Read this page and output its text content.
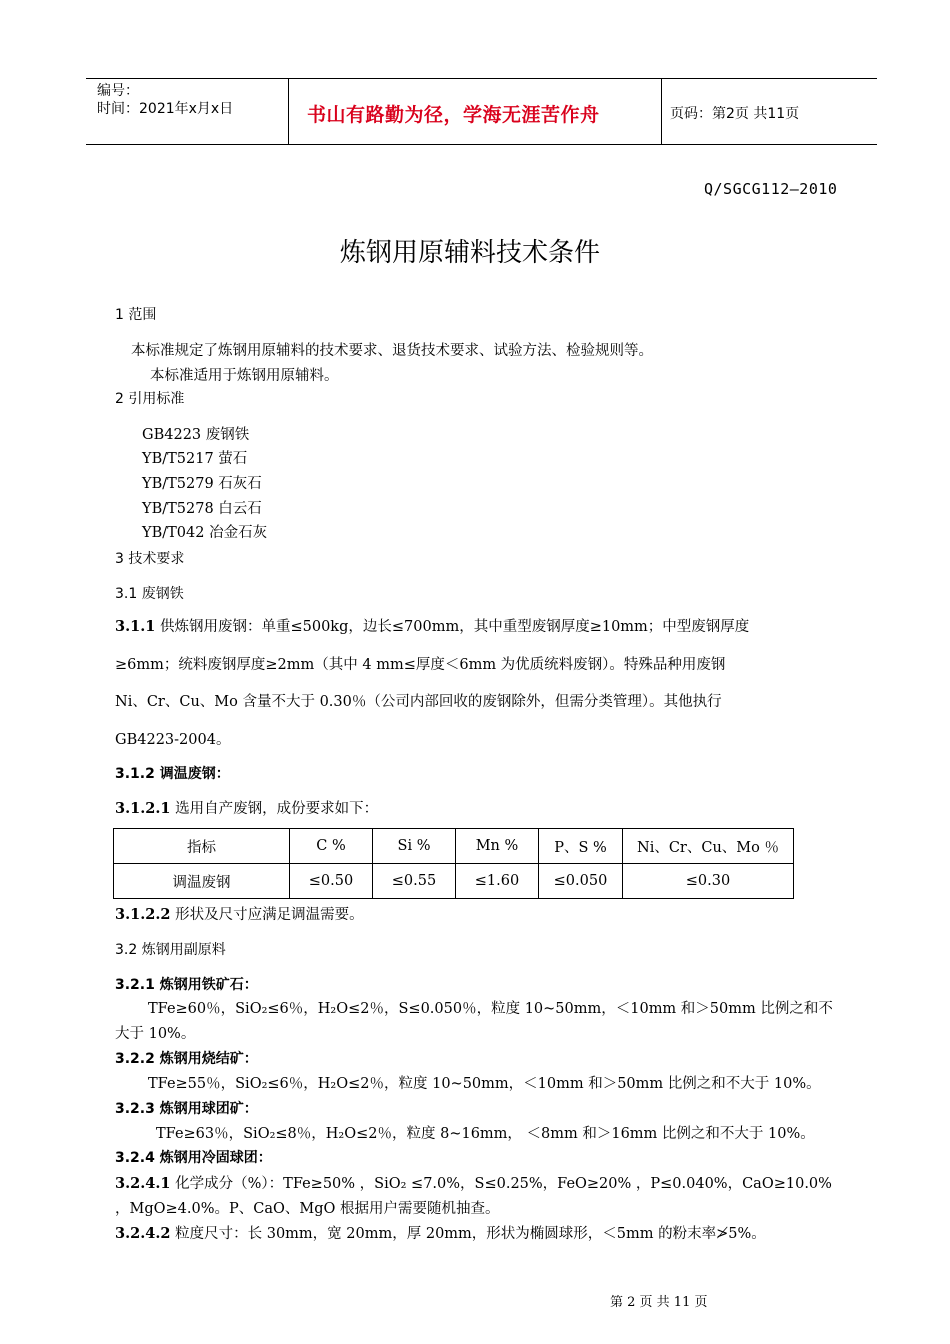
编号：
时间：2021年x月x日	书山有路勤为径，学海无涯苦作舟	页码：第2页 共11页
Q/SGCG112—2010
炼钢用原辅料技术条件
1 范围
本标准规定了炼钢用原辅料的技术要求、退货技术要求、试验方法、检验规则等。
本标准适用于炼钢用原辅料。
2 引用标准
GB4223 废钢铁
YB/T5217 萤石
YB/T5279 石灰石
YB/T5278 白云石
YB/T042 冶金石灰
3 技术要求
3.1 废钢铁
3.1.1 供炼钢用废钢：单重≤500kg，边长≤700mm，其中重型废钢厚度≥10mm；中型废钢厚度
≥6mm；统料废钢厚度≥2mm（其中 4 mm≤厚度＜6mm 为优质统料废钢）。特殊品种用废钢
Ni、Cr、Cu、Mo 含量不大于 0.30％（公司内部回收的废钢除外，但需分类管理）。其他执行
GB4223-2004。
3.1.2 调温废钢：
3.1.2.1 选用自产废钢，成份要求如下：
指标	C %	Si %	Mn %	P、S %	Ni、Cr、Cu、Mo ％
调温废钢	≤0.50	≤0.55	≤1.60	≤0.050	≤0.30
3.1.2.2 形状及尺寸应满足调温需要。
3.2 炼钢用副原料
3.2.1 炼钢用铁矿石：
TFe≥60％，SiO₂≤6％，H₂O≤2％，S≤0.050％，粒度 10~50mm，＜10mm 和＞50mm 比例之和不
大于 10%。
3.2.2 炼钢用烧结矿：
TFe≥55％，SiO₂≤6％，H₂O≤2％，粒度 10~50mm，＜10mm 和＞50mm 比例之和不大于 10%。
3.2.3 炼钢用球团矿：
TFe≥63％，SiO₂≤8％，H₂O≤2％，粒度 8~16mm， ＜8mm 和＞16mm 比例之和不大于 10%。
3.2.4 炼钢用冷固球团：
3.2.4.1 化学成分（%）：TFe≥50% ，SiO₂ ≤7.0%，S≤0.25%，FeO≥20% ，P≤0.040%，CaO≥10.0%
，MgO≥4.0%。P、CaO、MgO 根据用户需要随机抽查。
3.2.4.2 粒度尺寸：长 30mm，宽 20mm，厚 20mm，形状为椭圆球形，＜5mm 的粉末率≯5%。
第 2 页 共 11 页
